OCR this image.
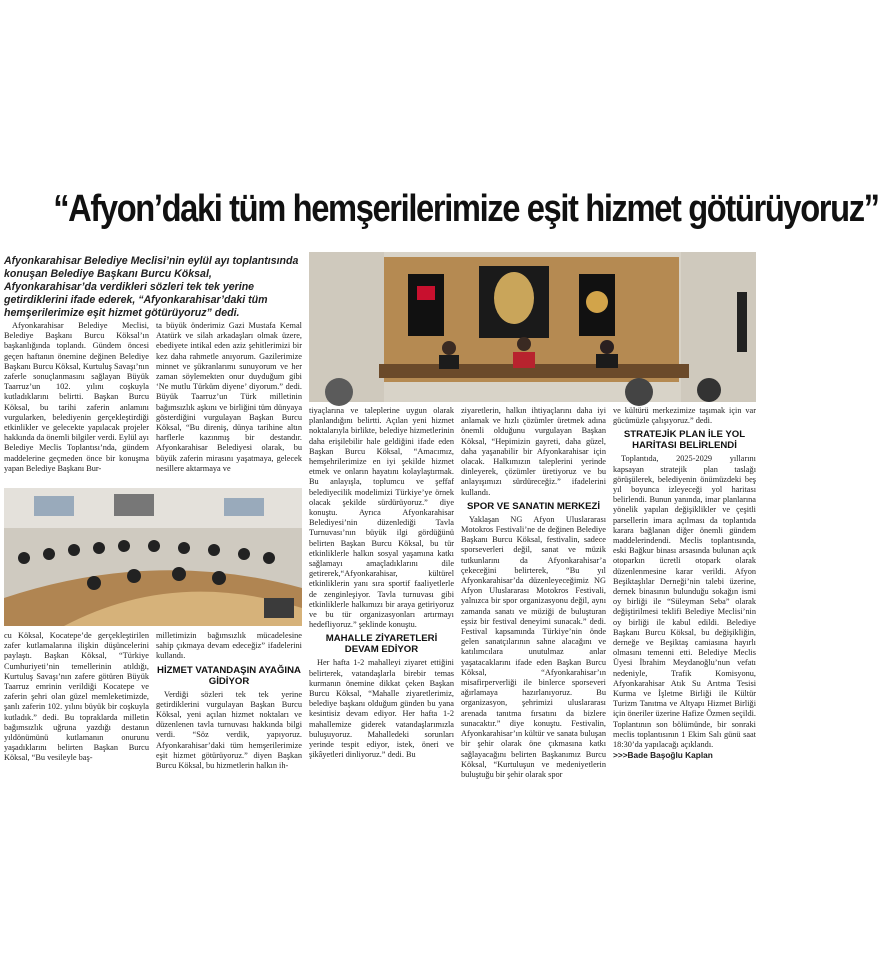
“Afyon’daki tüm hemşerilerimize eşit hizmet götürüyoruz”
Afyonkarahisar Belediye Meclisi’nin eylül ayı toplantısında konuşan Belediye Başkanı Burcu Köksal, Afyonkarahisar’da verdikleri sözleri tek tek yerine getirdiklerini ifade ederek, “Afyonkarahisar’daki tüm hemşerilerimize eşit hizmet götürüyoruz” dedi.

Afyonkarahisar Belediye Meclisi, Belediye Başkanı Burcu Köksal’ın başkanlığında toplandı. Gündem öncesi geçen haftanın önemine değinen Belediye Başkanı Burcu Köksal, Kurtuluş Savaşı’nın zaferle sonuçlanmasını sağlayan Büyük Taarruz’un 102. yılını coşkuyla kutladıklarını belirtti. Başkan Burcu Köksal, bu tarihi zaferin anlamını vurgularken, belediyenin gerçekleştirdiği etkinlikler ve gelecekte yapılacak projeler hakkında da önemli bilgiler verdi. Eylül ayı Belediye Meclis Toplantısı’nda, gündem maddelerine geçmeden önce bir konuşma yapan Belediye Başkanı Bur-

ta büyük önderimiz Gazi Mustafa Kemal Atatürk ve silah arkadaşları olmak üzere, ebediyete intikal eden aziz şehitlerimizi bir kez daha rahmetle anıyorum. Gazilerimize minnet ve şükranlarımı sunuyorum ve her zaman söylemekten onur duyduğum gibi ‘Ne mutlu Türküm diyene’ diyorum.” dedi. Büyük Taarruz’un Türk milletinin bağımsızlık aşkını ve birliğini tüm dünyaya gösterdiğini vurgulayan Başkan Burcu Köksal, “Bu direniş, dünya tarihine altın harflerle kazınmış bir destandır. Afyonkarahisar Belediyesi olarak, bu büyük zaferin mirasını yaşatmaya, gelecek nesillere aktarmaya ve

cu Köksal, Kocatepe’de gerçekleştirilen zafer kutlamalarına ilişkin düşüncelerini paylaştı. Başkan Köksal, “Türkiye Cumhuriyeti’nin temellerinin atıldığı, Kurtuluş Savaşı’nın zafere götüren Büyük Taarruz emrinin verildiği Kocatepe ve zaferin şehri olan güzel memleketimizde, şanlı zaferin 102. yılını büyük bir coşkuyla kutladık.” dedi. Bu topraklarda milletin bağımsızlık uğruna yazdığı destanın yıldönümünü kutlamanın onurunu yaşadıklarını belirten Başkan Burcu Köksal, “Bu vesileyle baş-

milletimizin bağımsızlık mücadelesine sahip çıkmaya devam edeceğiz” ifadelerini kullandı.

HİZMET VATANDAŞIN AYAĞINA GİDİYOR

Verdiği sözleri tek tek yerine getirdiklerini vurgulayan Başkan Burcu Köksal, yeni açılan hizmet noktaları ve düzenlenen tavla turnuvası hakkında bilgi verdi. “Söz verdik, yapıyoruz. Afyonkarahisar’daki tüm hemşerilerimize eşit hizmet götürüyoruz.” diyen Başkan Burcu Köksal, bu hizmetlerin halkın ih-

tiyaçlarına ve taleplerine uygun olarak planlandığını belirtti. Açılan yeni hizmet noktalarıyla birlikte, belediye hizmetlerinin daha erişilebilir hale geldiğini ifade eden Başkan Burcu Köksal, “Amacımız, hemşehrilerimize en iyi şekilde hizmet etmek ve onların hayatını kolaylaştırmak. Bu anlayışla, toplumcu ve şeffaf belediyecilik modelimizi Türkiye’ye örnek olacak şekilde sürdürüyoruz.” diye konuştu. Ayrıca Afyonkarahisar Belediyesi’nin düzenlediği Tavla Turnuvası’nın büyük ilgi gördüğünü belirten Başkan Burcu Köksal, bu tür etkinliklerle halkın sosyal yaşamına katkı sağlamayı amaçladıklarını dile getirerek,“Afyonkarahisar, kültürel etkinliklerin yanı sıra sportif faaliyetlerle de zenginleşiyor. Tavla turnuvası gibi etkinliklerle halkımızı bir araya getiriyoruz ve bu tür organizasyonları artırmayı hedefliyoruz.” şeklinde konuştu.

MAHALLE ZİYARETLERİ DEVAM EDİYOR

Her hafta 1-2 mahalleyi ziyaret ettiğini belirterek, vatandaşlarla birebir temas kurmanın önemine dikkat çeken Başkan Burcu Köksal, “Mahalle ziyaretlerimiz, belediye başkanı olduğum günden bu yana kesintisiz devam ediyor. Her hafta 1-2 mahallemize giderek vatandaşlarımızla buluşuyoruz. Mahalledeki sorunları yerinde tespit ediyor, istek, öneri ve şikâyetleri dinliyoruz.” dedi. Bu

ziyaretlerin, halkın ihtiyaçlarını daha iyi anlamak ve hızlı çözümler üretmek adına önemli olduğunu vurgulayan Başkan Köksal, “Hepimizin gayreti, daha güzel, daha yaşanabilir bir Afyonkarahisar için olacak. Halkımızın taleplerini yerinde dinleyerek, çözümler üretiyoruz ve bu anlayışımızı sürdüreceğiz.” ifadelerini kullandı.

SPOR VE SANATIN MERKEZİ

Yaklaşan NG Afyon Uluslararası Motokros Festivali’ne de değinen Belediye Başkanı Burcu Köksal, festivalin, sadece sporseverleri değil, sanat ve müzik tutkunlarını da Afyonkarahisar’a çekeceğini belirterek, “Bu yıl Afyonkarahisar’da düzenleyeceğimiz NG Afyon Uluslararası Motokros Festivali, yalnızca bir spor organizasyonu değil, aynı zamanda sanatı ve müziği de buluşturan eşsiz bir festival deneyimi sunacak.” dedi. Festival kapsamında Türkiye’nin önde gelen sanatçılarının sahne alacağını ve katılımcılara unutulmaz anlar yaşatacaklarını ifade eden Başkan Burcu Köksal, “Afyonkarahisar’ın misafirperverliği ile binlerce sporseveri ağırlamaya hazırlanıyoruz. Bu organizasyon, şehrimizi uluslararası arenada tanıtma fırsatını da bizlere sunacaktır.” diye konuştu. Festivalin, Afyonkarahisar’ın kültür ve sanata buluşan bir şehir olarak öne çıkmasına katkı sağlayacağını belirten Başkanımız Burcu Köksal, “Kurtuluşun ve medeniyetlerin buluştuğu bir şehir olarak spor

ve kültürü merkezimize taşımak için var gücümüzle çalışıyoruz.” dedi.

STRATEJİK PLAN İLE YOL HARİTASI BELİRLENDİ

Toplantıda, 2025-2029 yıllarını kapsayan stratejik plan taslağı görüşülerek, belediyenin önümüzdeki beş yıl boyunca izleyeceği yol haritası belirlendi. Bunun yanında, imar planlarına yönelik yapılan değişiklikler ve çeşitli parsellerin imara açılması da toplantıda karara bağlanan diğer önemli gündem maddelerindendi. Meclis toplantısında, eski Bağkur binası arsasında bulunan açık otoparkın ücretli otopark olarak düzenlenmesine karar verildi. Afyon Beşiktaşlılar Derneği’nin talebi üzerine, dernek binasının bulunduğu sokağın ismi oy birliği ile “Süleyman Seba” olarak değiştirilmesi teklifi Belediye Meclisi’nin oy birliği ile kabul edildi. Belediye Başkanı Burcu Köksal, bu değişikliğin, derneğe ve Beşiktaş camiasına hayırlı olmasını temenni etti. Belediye Meclis Üyesi İbrahim Meydanoğlu’nun vefatı nedeniyle, Trafik Komisyonu, Afyonkarahisar Atık Su Arıtma Tesisi Kurma ve İşletme Birliği ile Kültür Turizm Tanıtma ve Altyapı Hizmet Birliği için öneriler üzerine Hafize Özmen seçildi. Toplantının son bölümünde, bir sonraki meclis toplantısının 1 Ekim Salı günü saat 18:30’da yapılacağı açıklandı.

>>>Bade Başoğlu Kaplan
